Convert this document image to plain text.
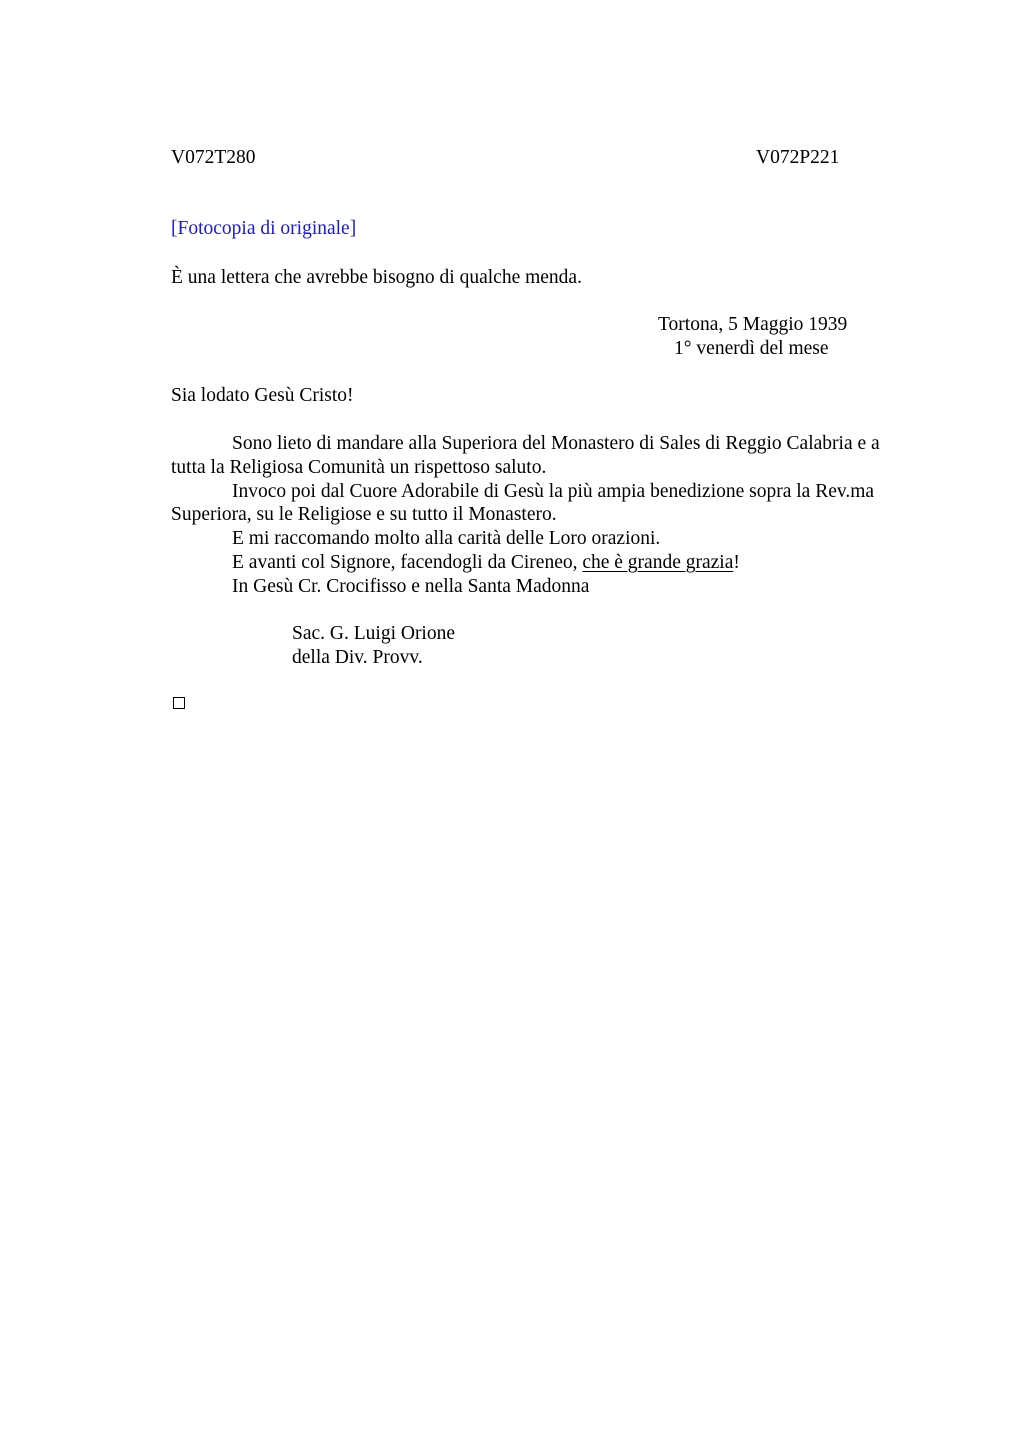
V072T280	V072P221
[Fotocopia di originale]
È una lettera che avrebbe bisogno di qualche menda.
Tortona, 5 Maggio 1939
1° venerdì del mese
Sia lodato Gesù Cristo!
Sono lieto di mandare alla Superiora del Monastero di Sales di Reggio Calabria e a
tutta la Religiosa Comunità un rispettoso saluto.
Invoco poi dal Cuore Adorabile di Gesù la più ampia benedizione sopra la Rev.ma
Superiora, su le Religiose e su tutto il Monastero.
E mi raccomando molto alla carità delle Loro orazioni.
E avanti col Signore, facendogli da Cireneo, che è grande grazia!
In Gesù Cr. Crocifisso e nella Santa Madonna
Sac. G. Luigi Orione
della Div. Provv.
